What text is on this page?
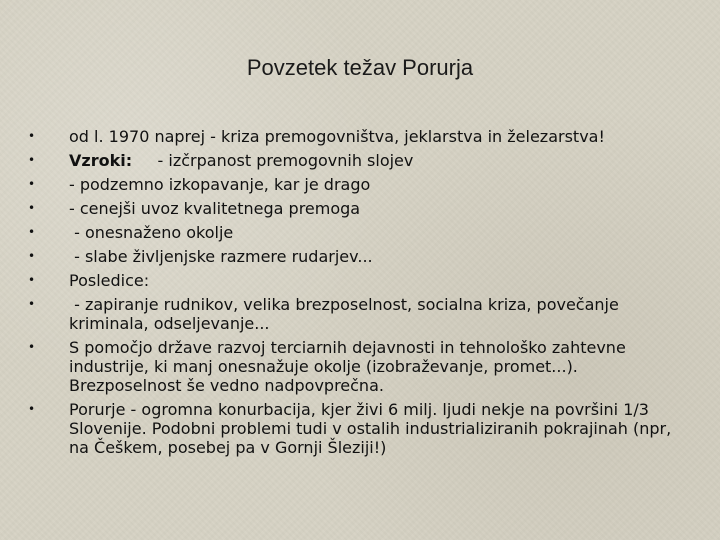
Povzetek težav Porurja
• od l. 1970 naprej - kriza premogovništva, jeklarstva in železarstva!
• Vzroki:     - izčrpanost premogovnih slojev
• - podzemno izkopavanje, kar je drago
• - cenejši uvoz kvalitetnega premoga
• - onesnaženo okolje
• - slabe življenjske razmere rudarjev...
• Posledice:
• - zapiranje rudnikov, velika brezposelnost, socialna kriza, povečanje kriminala, odseljevanje...
• S pomočjo države razvoj terciarnih dejavnosti in tehnološko zahtevne industrije, ki manj onesnažuje okolje (izobraževanje, promet...). Brezposelnost še vedno nadpovprečna.
• Porurje - ogromna konurbacija, kjer živi 6 milj. ljudi nekje na površini 1/3 Slovenije. Podobni problemi tudi v ostalih industrializiranih pokrajinah (npr, na Češkem, posebej pa v Gornji Šleziji!)
